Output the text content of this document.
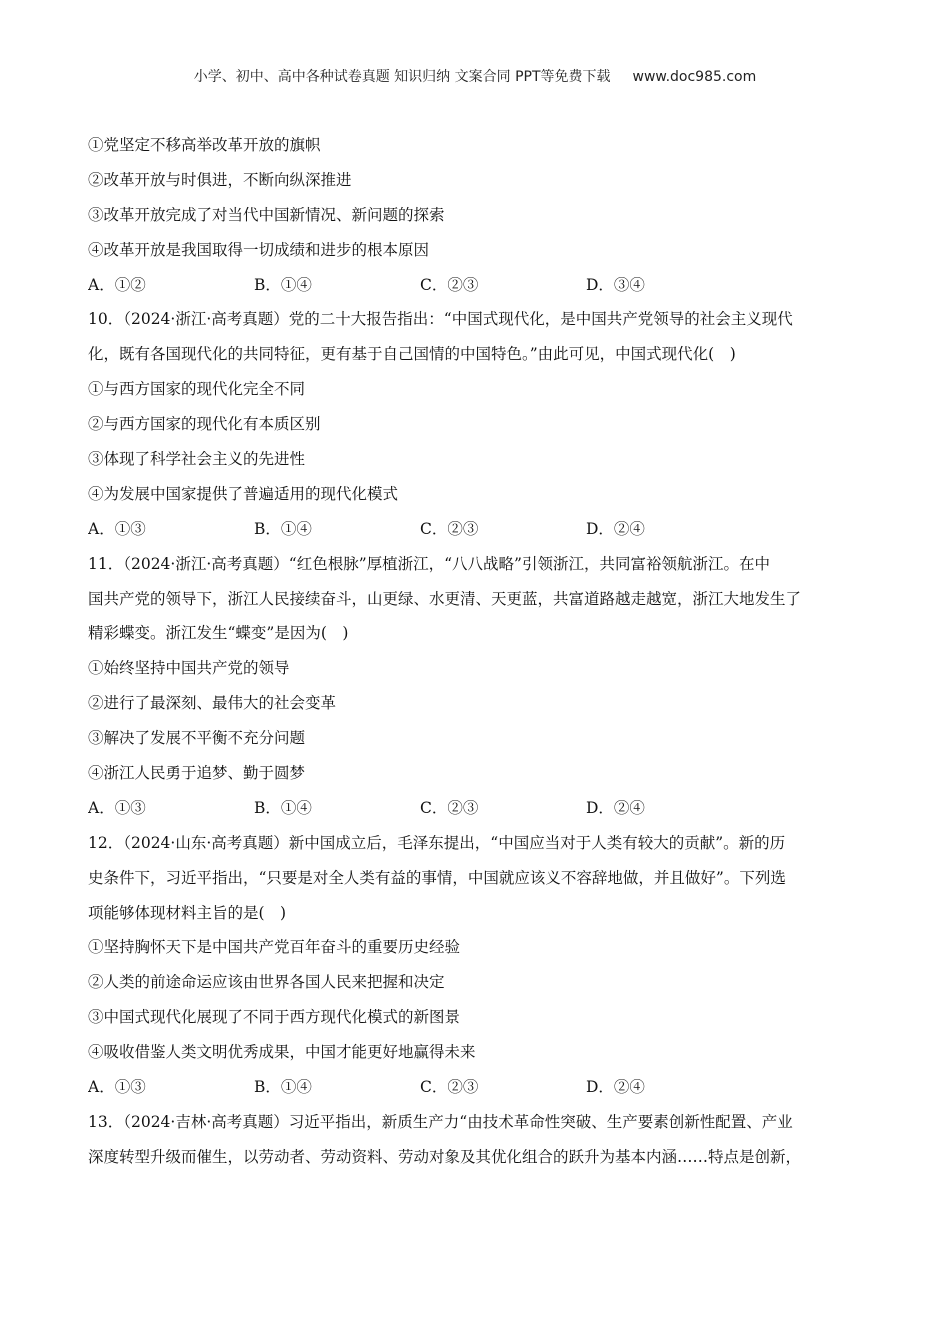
小学、初中、高中各种试卷真题 知识归纳 文案合同 PPT等免费下载 www.doc985.com
①党坚定不移高举改革开放的旗帜
②改革开放与时俱进，不断向纵深推进
③改革开放完成了对当代中国新情况、新问题的探索
④改革开放是我国取得一切成绩和进步的根本原因
A．①②	B．①④	C．②③	D．③④
10．（2024·浙江·高考真题）党的二十大报告指出：“中国式现代化，是中国共产党领导的社会主义现代
化，既有各国现代化的共同特征，更有基于自己国情的中国特色。”由此可见，中国式现代化(　)
①与西方国家的现代化完全不同
②与西方国家的现代化有本质区别
③体现了科学社会主义的先进性
④为发展中国家提供了普遍适用的现代化模式
A．①③	B．①④	C．②③	D．②④
11．（2024·浙江·高考真题）“红色根脉”厚植浙江，“八八战略”引领浙江，共同富裕领航浙江。在中
国共产党的领导下，浙江人民接续奋斗，山更绿、水更清、天更蓝，共富道路越走越宽，浙江大地发生了
精彩蝶变。浙江发生“蝶变”是因为(　)
①始终坚持中国共产党的领导
②进行了最深刻、最伟大的社会变革
③解决了发展不平衡不充分问题
④浙江人民勇于追梦、勤于圆梦
A．①③	B．①④	C．②③	D．②④
12．（2024·山东·高考真题）新中国成立后，毛泽东提出，“中国应当对于人类有较大的贡献”。新的历
史条件下，习近平指出，“只要是对全人类有益的事情，中国就应该义不容辞地做，并且做好”。下列选
项能够体现材料主旨的是(　)
①坚持胸怀天下是中国共产党百年奋斗的重要历史经验
②人类的前途命运应该由世界各国人民来把握和决定
③中国式现代化展现了不同于西方现代化模式的新图景
④吸收借鉴人类文明优秀成果，中国才能更好地赢得未来
A．①③	B．①④	C．②③	D．②④
13．（2024·吉林·高考真题）习近平指出，新质生产力“由技术革命性突破、生产要素创新性配置、产业
深度转型升级而催生，以劳动者、劳动资料、劳动对象及其优化组合的跃升为基本内涵……特点是创新，
